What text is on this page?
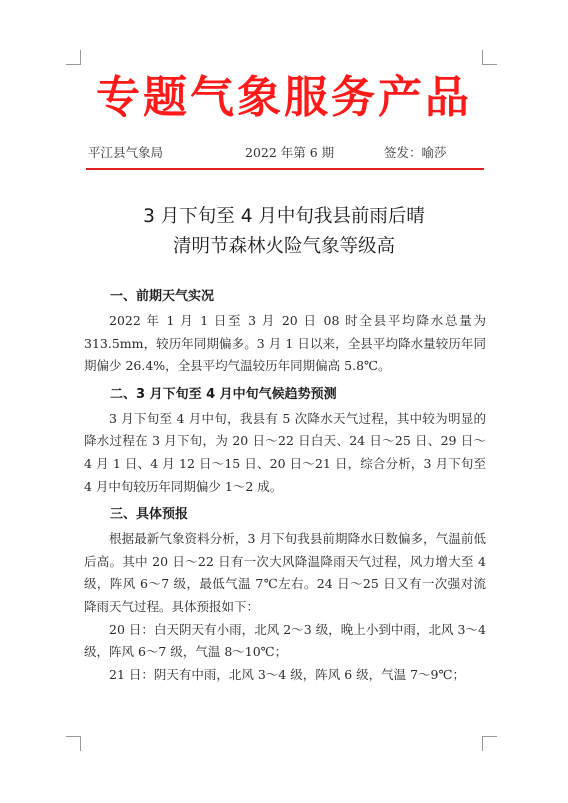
专题气象服务产品
平江县气象局	2022 年第 6 期	签发：喻莎
3 月下旬至 4 月中旬我县前雨后晴
清明节森林火险气象等级高
一、前期天气实况

2022 年 1 月 1 日至 3 月 20 日 08 时全县平均降水总量为 313.5mm，较历年同期偏多。3 月 1 日以来，全县平均降水量较历年同期偏少 26.4%，全县平均气温较历年同期偏高 5.8℃。

二、3 月下旬至 4 月中旬气候趋势预测

3 月下旬至 4 月中旬，我县有 5 次降水天气过程，其中较为明显的降水过程在 3 月下旬，为 20 日～22 日白天、24 日～25 日、29 日～4 月 1 日、4 月 12 日～15 日、20 日～21 日，综合分析，3 月下旬至 4 月中旬较历年同期偏少 1～2 成。

三、具体预报

根据最新气象资料分析，3 月下旬我县前期降水日数偏多，气温前低后高。其中 20 日～22 日有一次大风降温降雨天气过程，风力增大至 4 级，阵风 6～7 级，最低气温 7℃左右。24 日～25 日又有一次强对流降雨天气过程。具体预报如下：

20 日：白天阴天有小雨，北风 2～3 级，晚上小到中雨，北风 3～4 级，阵风 6～7 级，气温 8～10℃；

21 日：阴天有中雨，北风 3～4 级，阵风 6 级，气温 7～9℃；
